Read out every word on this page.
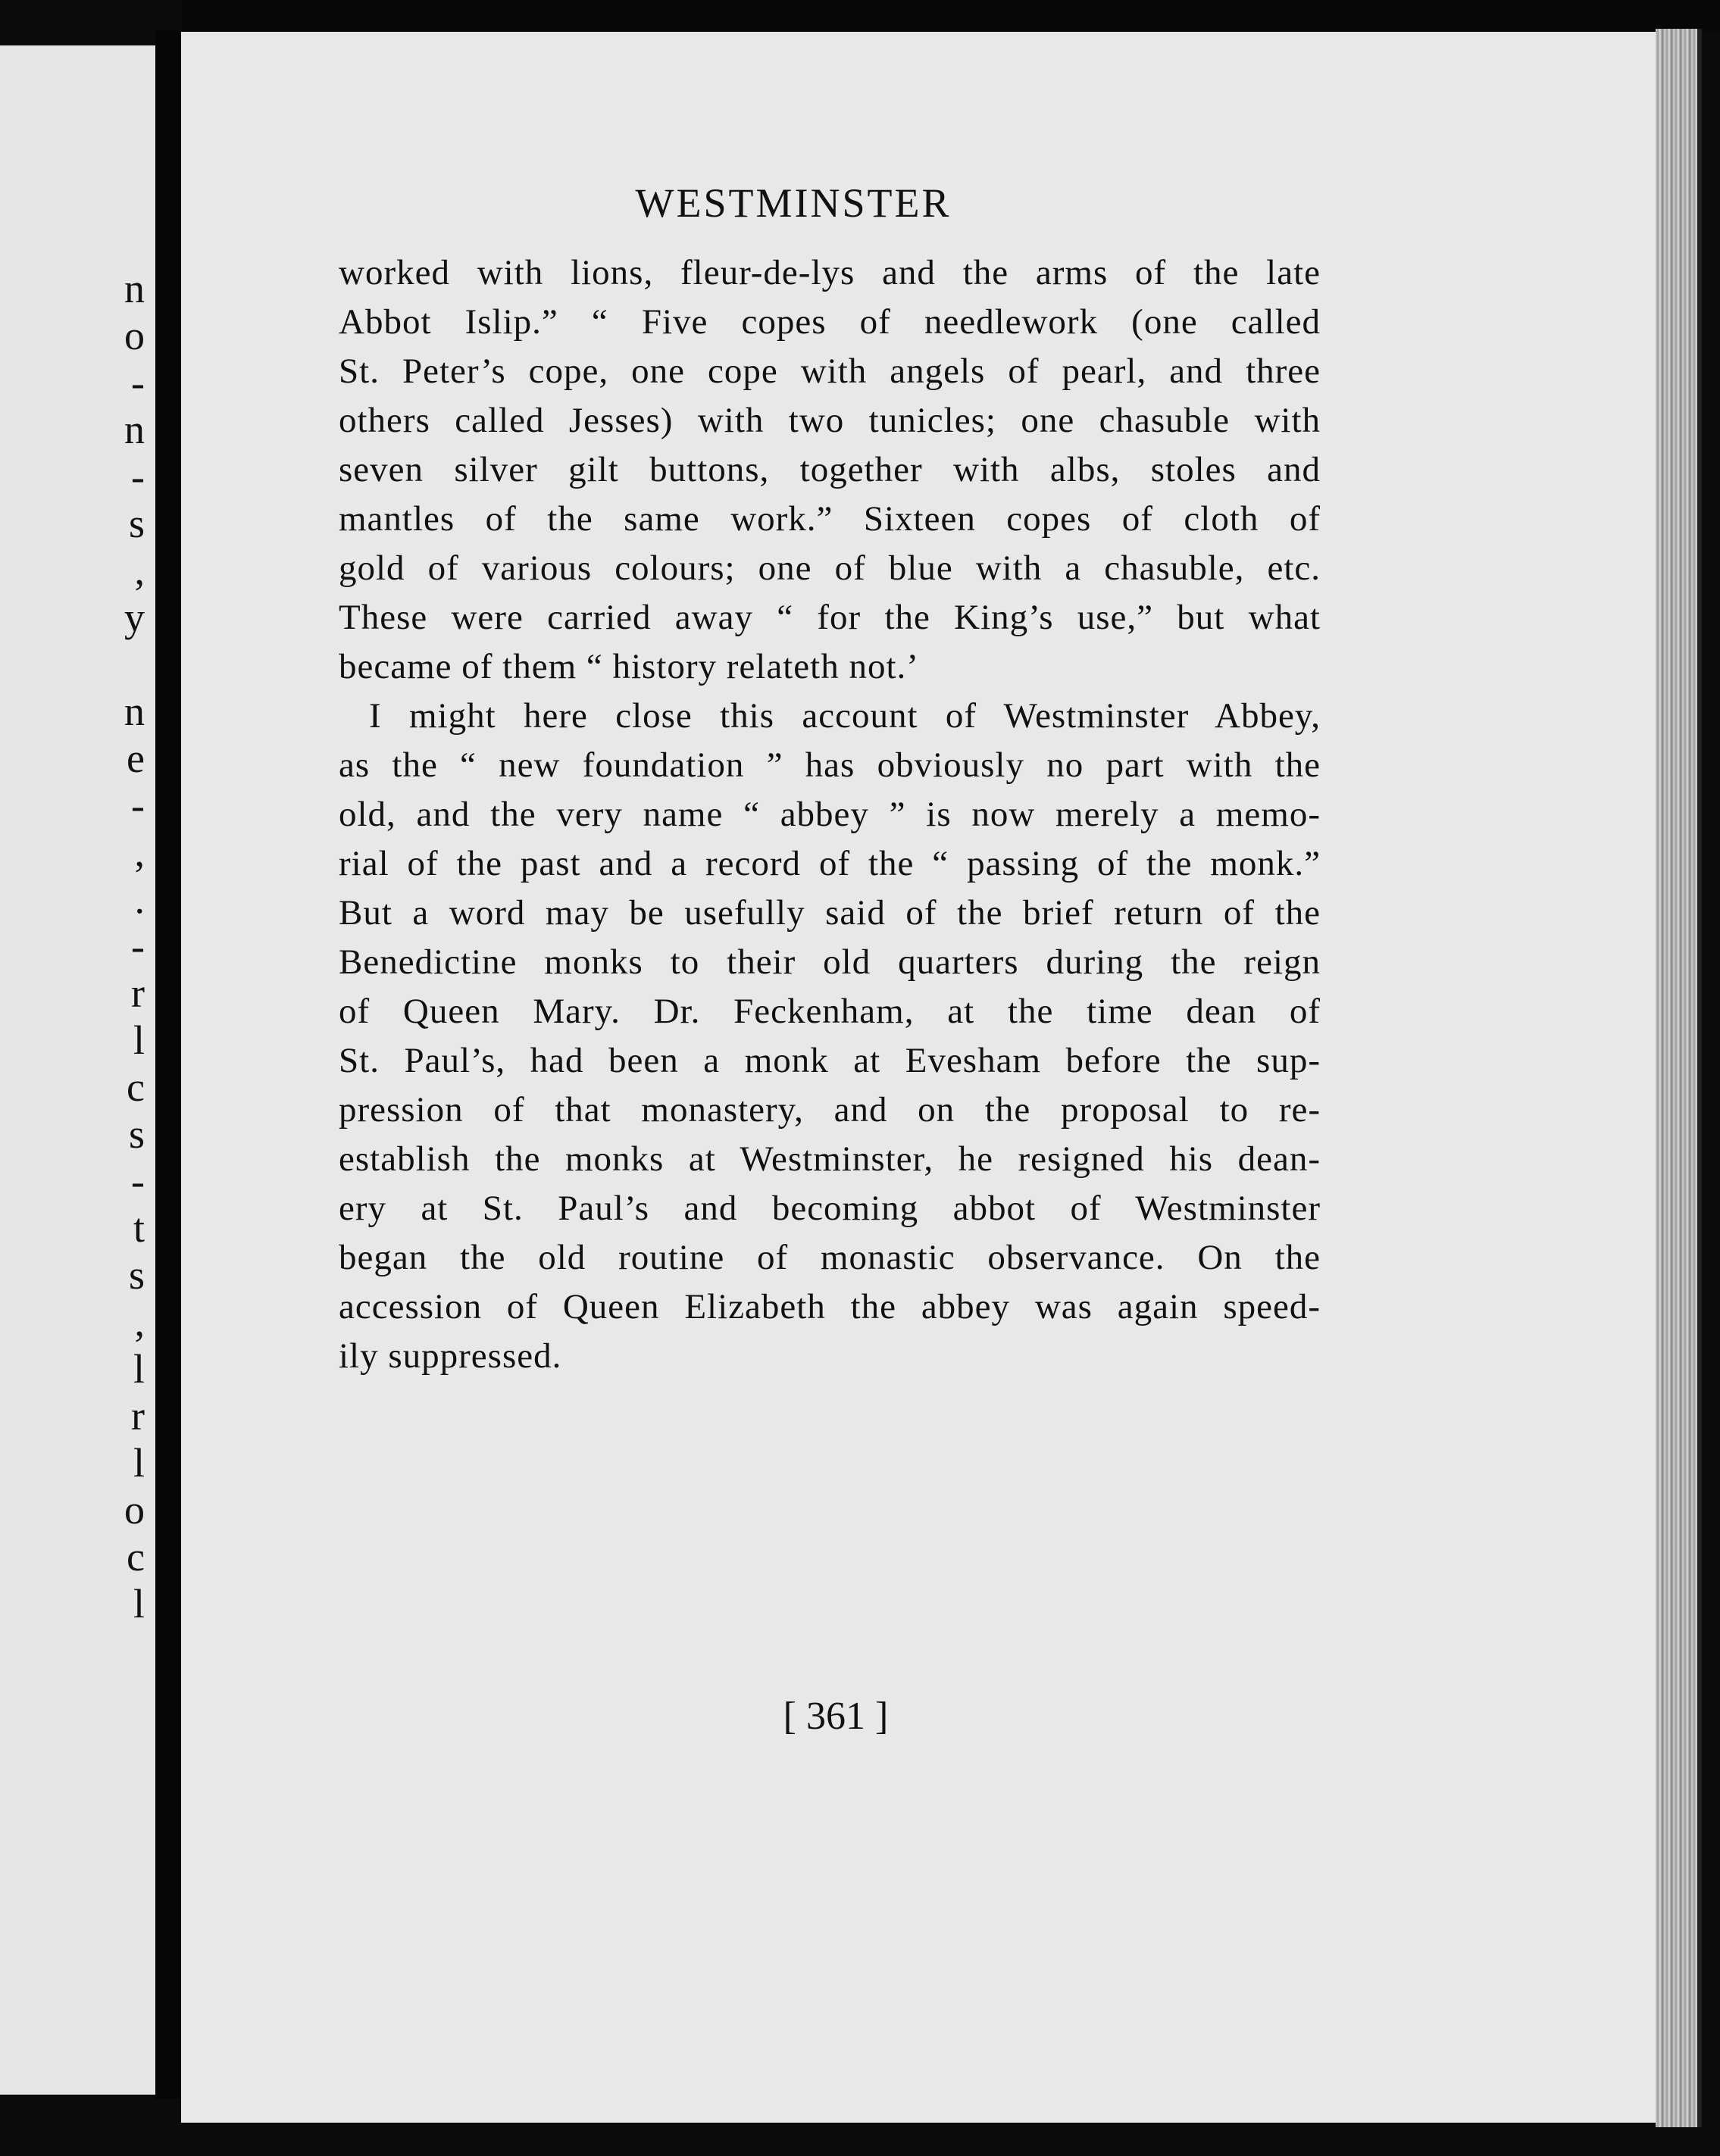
n
o
-
n
-
s
,
y
n
e
-
,
.
-
r
l
c
s
-
t
s
,
l
r
l
o
c
l
WESTMINSTER
worked with lions, fleur-de-lys and the arms of the late
Abbot Islip.” “ Five copes of needlework (one called
St. Peter’s cope, one cope with angels of pearl, and three
others called Jesses) with two tunicles; one chasuble with
seven silver gilt buttons, together with albs, stoles and
mantles of the same work.” Sixteen copes of cloth of
gold of various colours; one of blue with a chasuble, etc.
These were carried away “ for the King’s use,” but what
became of them “ history relateth not.’
I might here close this account of Westminster Abbey,
as the “ new foundation ” has obviously no part with the
old, and the very name “ abbey ” is now merely a memo-
rial of the past and a record of the “ passing of the monk.”
But a word may be usefully said of the brief return of the
Benedictine monks to their old quarters during the reign
of Queen Mary. Dr. Feckenham, at the time dean of
St. Paul’s, had been a monk at Evesham before the sup-
pression of that monastery, and on the proposal to re-
establish the monks at Westminster, he resigned his dean-
ery at St. Paul’s and becoming abbot of Westminster
began the old routine of monastic observance. On the
accession of Queen Elizabeth the abbey was again speed-
ily suppressed.
[ 361 ]
